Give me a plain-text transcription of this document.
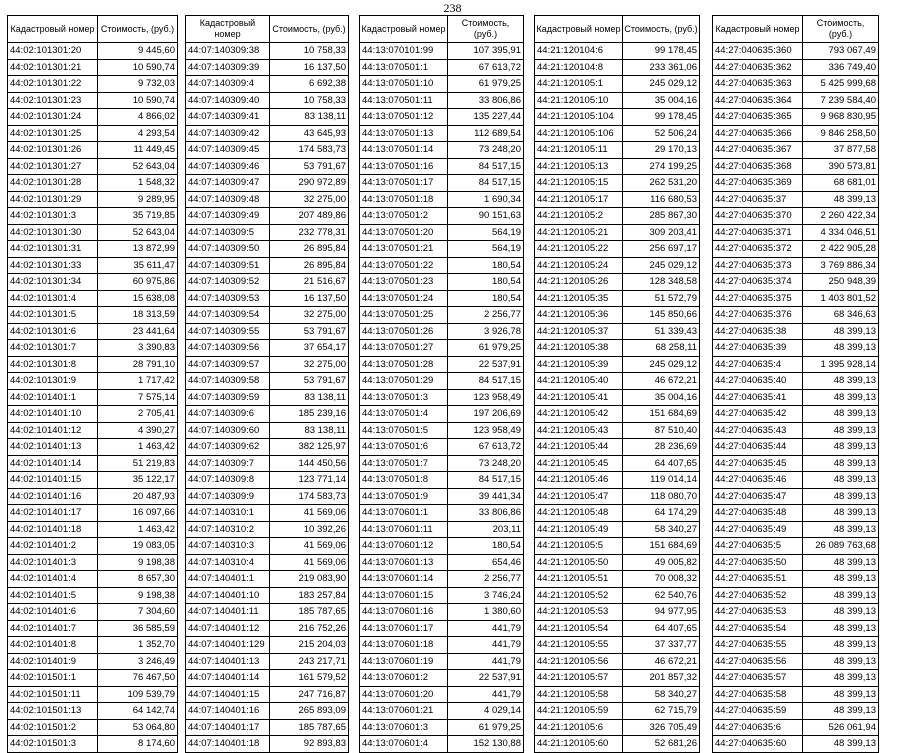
238
Кадастровый номер	Стоимость, (руб.)
44:02:101301:20	9 445,60
44:02:101301:21	10 590,74
44:02:101301:22	9 732,03
44:02:101301:23	10 590,74
44:02:101301:24	4 866,02
44:02:101301:25	4 293,54
44:02:101301:26	11 449,45
44:02:101301:27	52 643,04
44:02:101301:28	1 548,32
44:02:101301:29	9 289,95
44:02:101301:3	35 719,85
44:02:101301:30	52 643,04
44:02:101301:31	13 872,99
44:02:101301:33	35 611,47
44:02:101301:34	60 975,86
44:02:101301:4	15 638,08
44:02:101301:5	18 313,59
44:02:101301:6	23 441,64
44:02:101301:7	3 390,83
44:02:101301:8	28 791,10
44:02:101301:9	1 717,42
44:02:101401:1	7 575,14
44:02:101401:10	2 705,41
44:02:101401:12	4 390,27
44:02:101401:13	1 463,42
44:02:101401:14	51 219,83
44:02:101401:15	35 122,17
44:02:101401:16	20 487,93
44:02:101401:17	16 097,66
44:02:101401:18	1 463,42
44:02:101401:2	19 083,05
44:02:101401:3	9 198,38
44:02:101401:4	8 657,30
44:02:101401:5	9 198,38
44:02:101401:6	7 304,60
44:02:101401:7	36 585,59
44:02:101401:8	1 352,70
44:02:101401:9	3 246,49
44:02:101501:1	76 467,50
44:02:101501:11	109 539,79
44:02:101501:13	64 142,74
44:02:101501:2	53 064,80
44:02:101501:3	8 174,60
Кадастровый номер	Стоимость, (руб.)
44:07:140309:38	10 758,33
44:07:140309:39	16 137,50
44:07:140309:4	6 692,38
44:07:140309:40	10 758,33
44:07:140309:41	83 138,11
44:07:140309:42	43 645,93
44:07:140309:45	174 583,73
44:07:140309:46	53 791,67
44:07:140309:47	290 972,89
44:07:140309:48	32 275,00
44:07:140309:49	207 489,86
44:07:140309:5	232 778,31
44:07:140309:50	26 895,84
44:07:140309:51	26 895,84
44:07:140309:52	21 516,67
44:07:140309:53	16 137,50
44:07:140309:54	32 275,00
44:07:140309:55	53 791,67
44:07:140309:56	37 654,17
44:07:140309:57	32 275,00
44:07:140309:58	53 791,67
44:07:140309:59	83 138,11
44:07:140309:6	185 239,16
44:07:140309:60	83 138,11
44:07:140309:62	382 125,97
44:07:140309:7	144 450,56
44:07:140309:8	123 771,14
44:07:140309:9	174 583,73
44:07:140310:1	41 569,06
44:07:140310:2	10 392,26
44:07:140310:3	41 569,06
44:07:140310:4	41 569,06
44:07:140401:1	219 083,90
44:07:140401:10	183 257,84
44:07:140401:11	185 787,65
44:07:140401:12	216 752,26
44:07:140401:129	215 204,03
44:07:140401:13	243 217,71
44:07:140401:14	161 579,52
44:07:140401:15	247 716,87
44:07:140401:16	265 893,09
44:07:140401:17	185 787,65
44:07:140401:18	92 893,83
Кадастровый номер	Стоимость, (руб.)
44:13:070101:99	107 395,91
44:13:070501:1	67 613,72
44:13:070501:10	61 979,25
44:13:070501:11	33 806,86
44:13:070501:12	135 227,44
44:13:070501:13	112 689,54
44:13:070501:14	73 248,20
44:13:070501:16	84 517,15
44:13:070501:17	84 517,15
44:13:070501:18	1 690,34
44:13:070501:2	90 151,63
44:13:070501:20	564,19
44:13:070501:21	564,19
44:13:070501:22	180,54
44:13:070501:23	180,54
44:13:070501:24	180,54
44:13:070501:25	2 256,77
44:13:070501:26	3 926,78
44:13:070501:27	61 979,25
44:13:070501:28	22 537,91
44:13:070501:29	84 517,15
44:13:070501:3	123 958,49
44:13:070501:4	197 206,69
44:13:070501:5	123 958,49
44:13:070501:6	67 613,72
44:13:070501:7	73 248,20
44:13:070501:8	84 517,15
44:13:070501:9	39 441,34
44:13:070601:1	33 806,86
44:13:070601:11	203,11
44:13:070601:12	180,54
44:13:070601:13	654,46
44:13:070601:14	2 256,77
44:13:070601:15	3 746,24
44:13:070601:16	1 380,60
44:13:070601:17	441,79
44:13:070601:18	441,79
44:13:070601:19	441,79
44:13:070601:2	22 537,91
44:13:070601:20	441,79
44:13:070601:21	4 029,14
44:13:070601:3	61 979,25
44:13:070601:4	152 130,88
Кадастровый номер	Стоимость, (руб.)
44:21:120104:6	99 178,45
44:21:120104:8	233 361,06
44:21:120105:1	245 029,12
44:21:120105:10	35 004,16
44:21:120105:104	99 178,45
44:21:120105:106	52 506,24
44:21:120105:11	29 170,13
44:21:120105:13	274 199,25
44:21:120105:15	262 531,20
44:21:120105:17	116 680,53
44:21:120105:2	285 867,30
44:21:120105:21	309 203,41
44:21:120105:22	256 697,17
44:21:120105:24	245 029,12
44:21:120105:26	128 348,58
44:21:120105:35	51 572,79
44:21:120105:36	145 850,66
44:21:120105:37	51 339,43
44:21:120105:38	68 258,11
44:21:120105:39	245 029,12
44:21:120105:40	46 672,21
44:21:120105:41	35 004,16
44:21:120105:42	151 684,69
44:21:120105:43	87 510,40
44:21:120105:44	28 236,69
44:21:120105:45	64 407,65
44:21:120105:46	119 014,14
44:21:120105:47	118 080,70
44:21:120105:48	64 174,29
44:21:120105:49	58 340,27
44:21:120105:5	151 684,69
44:21:120105:50	49 005,82
44:21:120105:51	70 008,32
44:21:120105:52	62 540,76
44:21:120105:53	94 977,95
44:21:120105:54	64 407,65
44:21:120105:55	37 337,77
44:21:120105:56	46 672,21
44:21:120105:57	201 857,32
44:21:120105:58	58 340,27
44:21:120105:59	62 715,79
44:21:120105:6	326 705,49
44:21:120105:60	52 681,26
Кадастровый номер	Стоимость, (руб.)
44:27:040635:360	793 067,49
44:27:040635:362	336 749,40
44:27:040635:363	5 425 999,68
44:27:040635:364	7 239 584,40
44:27:040635:365	9 968 830,95
44:27:040635:366	9 846 258,50
44:27:040635:367	37 877,58
44:27:040635:368	390 573,81
44:27:040635:369	68 681,01
44:27:040635:37	48 399,13
44:27:040635:370	2 260 422,34
44:27:040635:371	4 334 046,51
44:27:040635:372	2 422 905,28
44:27:040635:373	3 769 886,34
44:27:040635:374	250 948,39
44:27:040635:375	1 403 801,52
44:27:040635:376	68 346,63
44:27:040635:38	48 399,13
44:27:040635:39	48 399,13
44:27:040635:4	1 395 928,14
44:27:040635:40	48 399,13
44:27:040635:41	48 399,13
44:27:040635:42	48 399,13
44:27:040635:43	48 399,13
44:27:040635:44	48 399,13
44:27:040635:45	48 399,13
44:27:040635:46	48 399,13
44:27:040635:47	48 399,13
44:27:040635:48	48 399,13
44:27:040635:49	48 399,13
44:27:040635:5	26 089 763,68
44:27:040635:50	48 399,13
44:27:040635:51	48 399,13
44:27:040635:52	48 399,13
44:27:040635:53	48 399,13
44:27:040635:54	48 399,13
44:27:040635:55	48 399,13
44:27:040635:56	48 399,13
44:27:040635:57	48 399,13
44:27:040635:58	48 399,13
44:27:040635:59	48 399,13
44:27:040635:6	526 061,94
44:27:040635:60	48 399,13
